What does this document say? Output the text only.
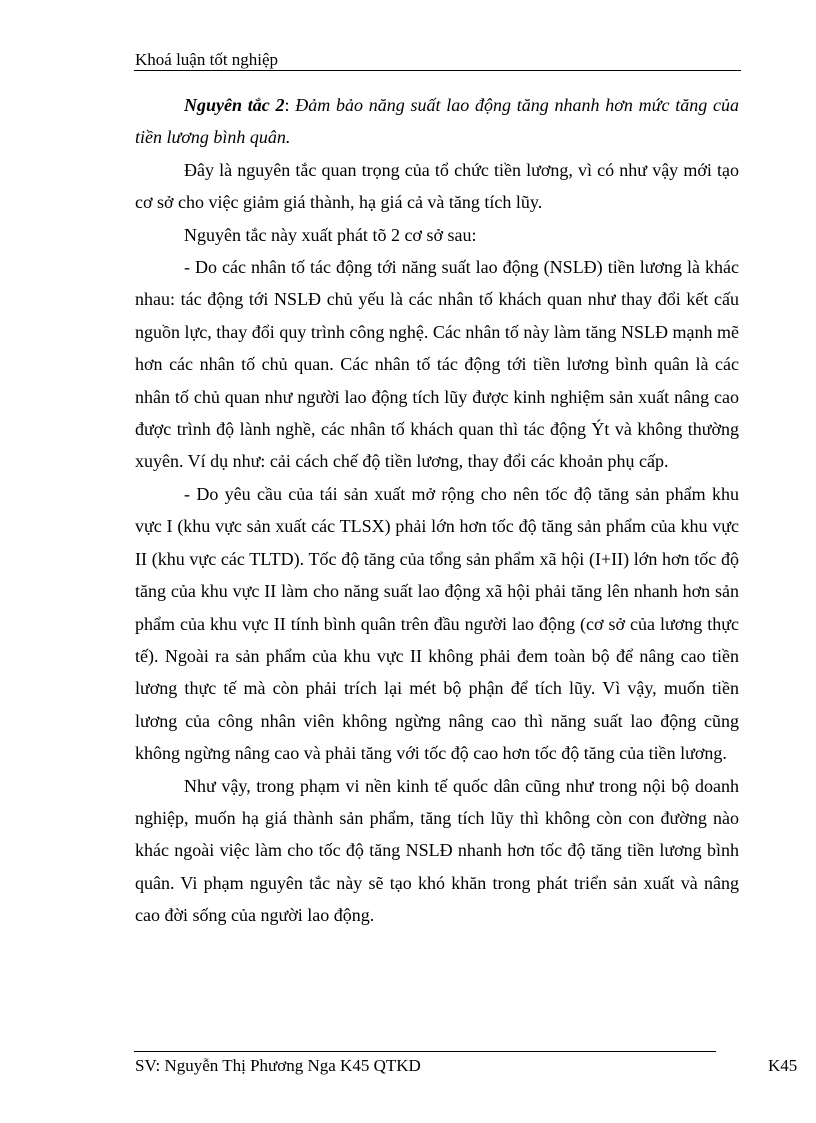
Khoá luận tốt nghiệp

Nguyên tắc 2: Đảm bảo năng suất lao động tăng nhanh hơn mức tăng của tiền lương bình quân.

Đây là nguyên tắc quan trọng của tổ chức tiền lương, vì có như vậy mới tạo cơ sở cho việc giảm giá thành, hạ giá cả và tăng tích lũy.

Nguyên tắc này xuất phát tõ 2 cơ sở sau:

- Do các nhân tố tác động tới năng suất lao động (NSLĐ) tiền lương là khác nhau: tác động tới NSLĐ chủ yếu là các nhân tố khách quan như thay đổi kết cấu nguồn lực, thay đổi quy trình công nghệ. Các nhân tố này làm tăng NSLĐ mạnh mẽ hơn các nhân tố chủ quan. Các nhân tố tác động tới tiền lương bình quân là các nhân tố chủ quan như người lao động tích lũy được kinh nghiệm sản xuất nâng cao được trình độ lành nghề, các nhân tố khách quan thì tác động Ýt và không thường xuyên. Ví dụ như: cải cách chế độ tiền lương, thay đổi các khoản phụ cấp.

- Do yêu cầu của tái sản xuất mở rộng cho nên tốc độ tăng sản phẩm khu vực I (khu vực sản xuất các TLSX) phải lớn hơn tốc độ tăng sản phẩm của khu vực II (khu vực các TLTD). Tốc độ tăng của tổng sản phẩm xã hội (I+II) lớn hơn tốc độ tăng của khu vực II làm cho năng suất lao động xã hội phải tăng lên nhanh hơn sản phẩm của khu vực II tính bình quân trên đầu người lao động (cơ sở của lương thực tế). Ngoài ra sản phẩm của khu vực II không phải đem toàn bộ để nâng cao tiền lương thực tế mà còn phải trích lại mét bộ phận để tích lũy. Vì vậy, muốn tiền lương của công nhân viên không ngừng nâng cao thì năng suất lao động cũng không ngừng nâng cao và phải tăng với tốc độ cao hơn tốc độ tăng của tiền lương.

Như vậy, trong phạm vi nền kinh tế quốc dân cũng như trong nội bộ doanh nghiệp, muốn hạ giá thành sản phẩm, tăng tích lũy thì không còn con đường nào khác ngoài việc làm cho tốc độ tăng NSLĐ nhanh hơn tốc độ tăng tiền lương bình quân. Vi phạm nguyên tắc này sẽ tạo khó khăn trong phát triển sản xuất và nâng cao đời sống của người lao động.

SV: Nguyễn Thị Phương Nga K45 QTKD	K45
